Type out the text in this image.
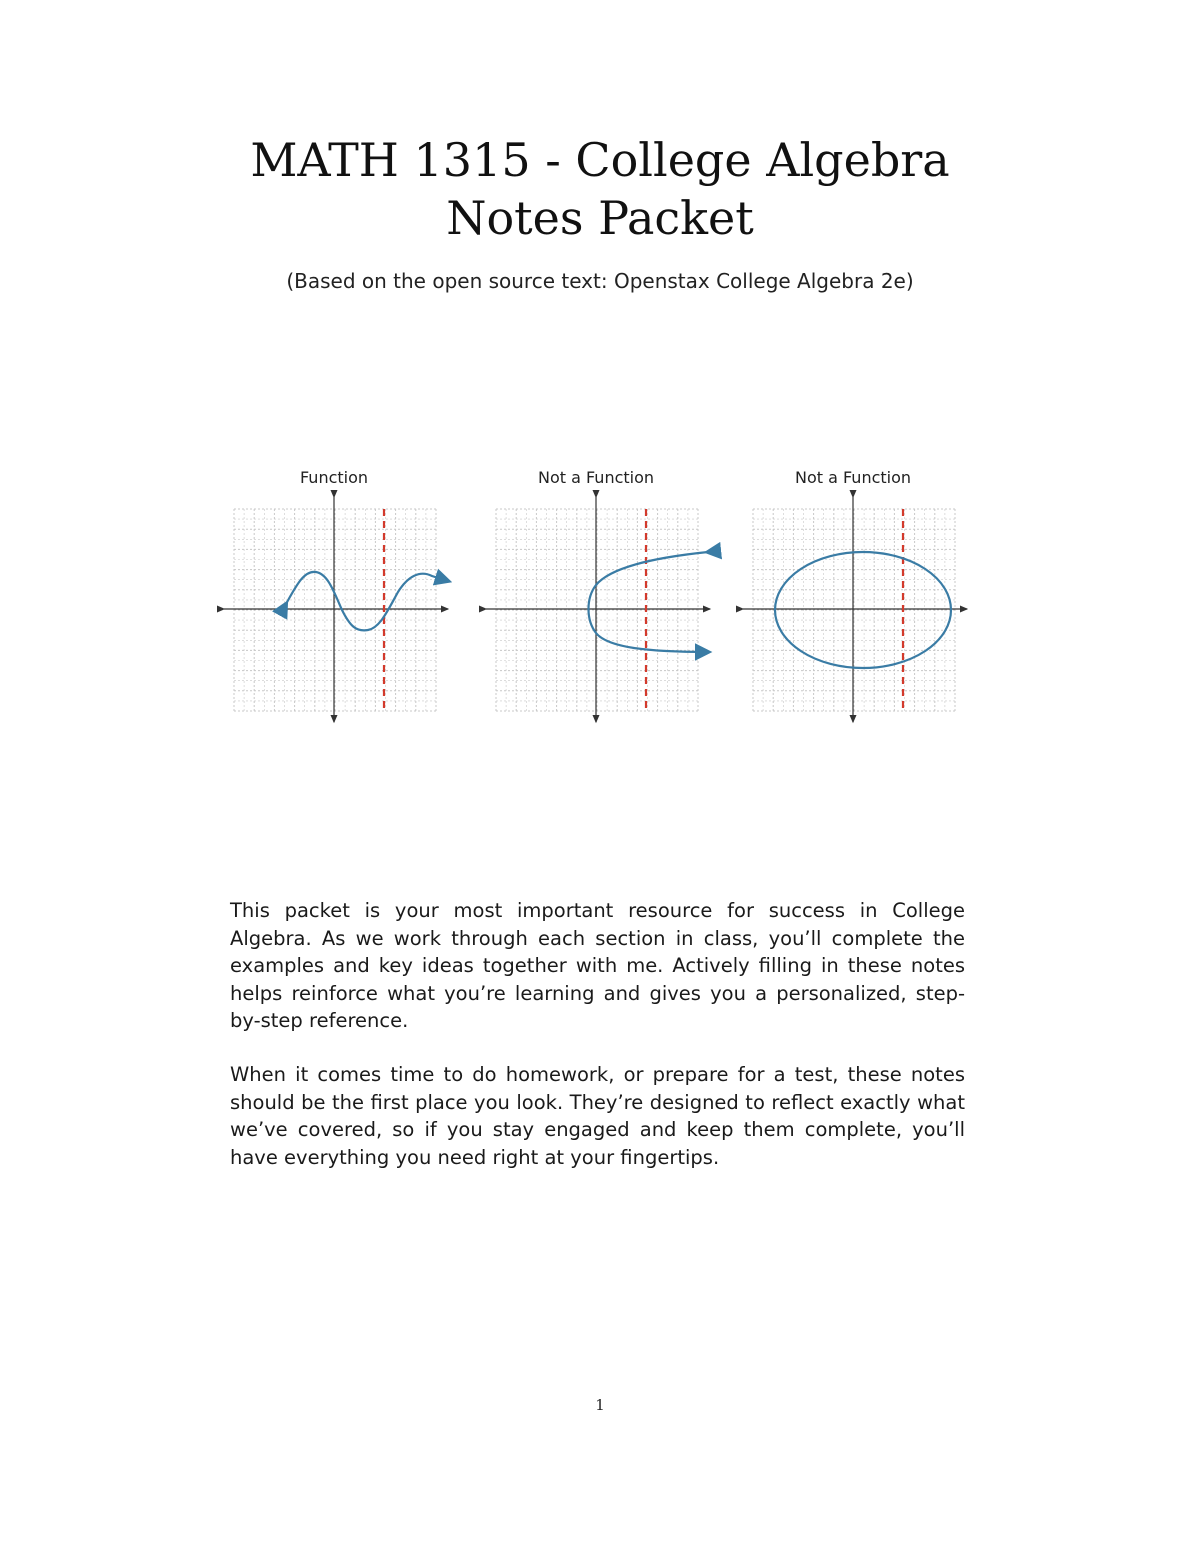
MATH 1315 - College Algebra
Notes Packet
(Based on the open source text: Openstax College Algebra 2e)
Function	Not a Function	Not a Function

This packet is your most important resource for success in College Algebra. As we work through each section in class, you’ll complete the examples and key ideas together with me. Actively filling in these notes helps reinforce what you’re learning and gives you a personalized, step-by-step reference.

When it comes time to do homework, or prepare for a test, these notes should be the first place you look. They’re designed to reflect exactly what we’ve covered, so if you stay engaged and keep them complete, you’ll have everything you need right at your fingertips.

1
